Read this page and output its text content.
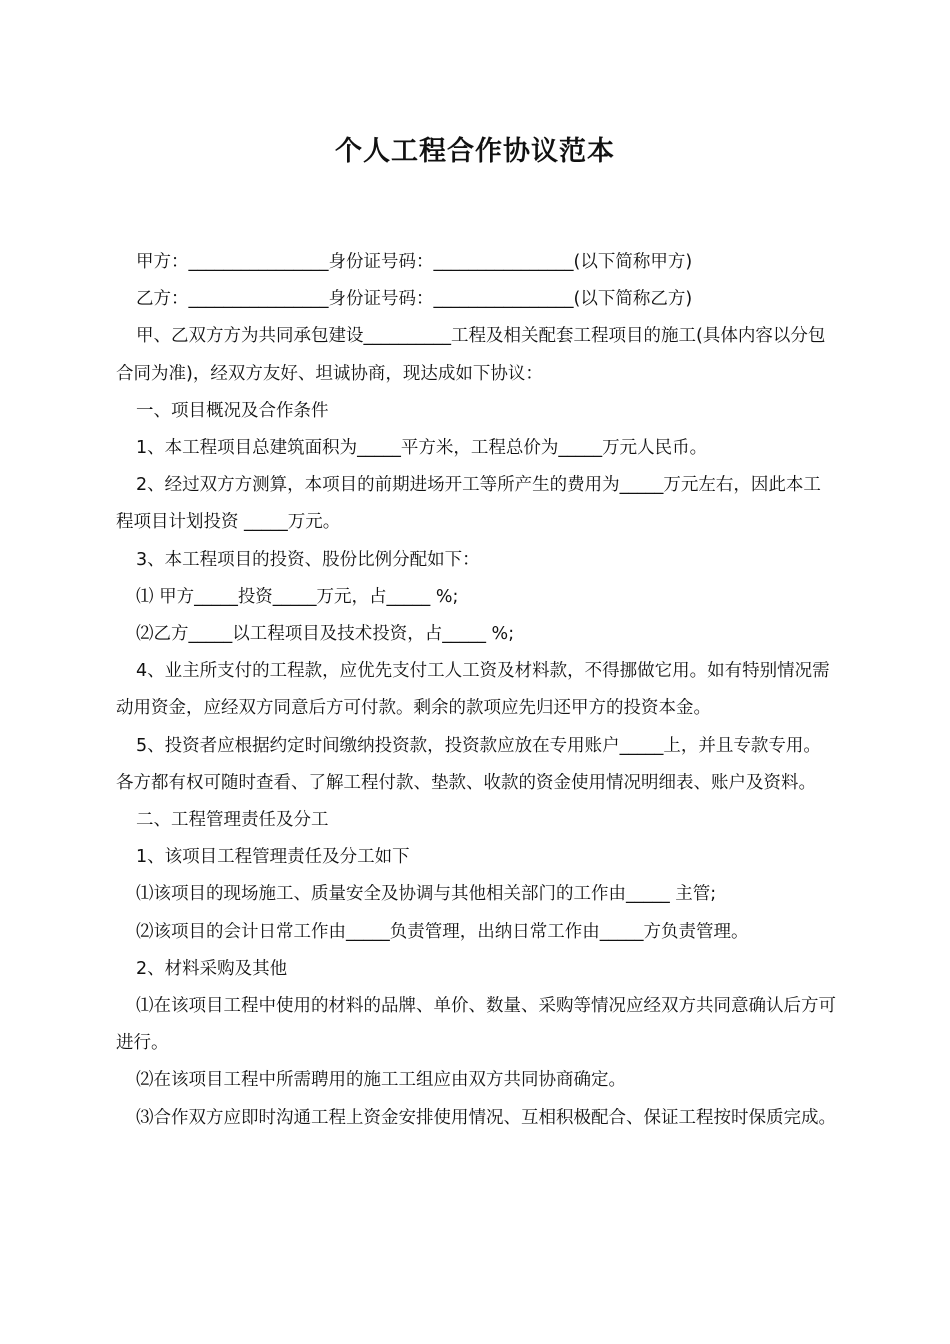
个人工程合作协议范本

甲方：________________身份证号码：________________(以下简称甲方)

乙方：________________身份证号码：________________(以下简称乙方)

甲、乙双方方为共同承包建设__________工程及相关配套工程项目的施工(具体内容以分包合同为准)，经双方友好、坦诚协商，现达成如下协议：

一、项目概况及合作条件

1、本工程项目总建筑面积为_____平方米，工程总价为_____万元人民币。

2、经过双方方测算，本项目的前期进场开工等所产生的费用为_____万元左右，因此本工程项目计划投资 _____万元。

3、本工程项目的投资、股份比例分配如下：

⑴ 甲方_____投资_____万元，占_____ %;

⑵乙方_____以工程项目及技术投资，占_____ %;

4、业主所支付的工程款，应优先支付工人工资及材料款，不得挪做它用。如有特别情况需动用资金，应经双方同意后方可付款。剩余的款项应先归还甲方的投资本金。

5、投资者应根据约定时间缴纳投资款，投资款应放在专用账户_____上，并且专款专用。各方都有权可随时查看、了解工程付款、垫款、收款的资金使用情况明细表、账户及资料。

二、工程管理责任及分工

1、该项目工程管理责任及分工如下

⑴该项目的现场施工、质量安全及协调与其他相关部门的工作由_____ 主管;

⑵该项目的会计日常工作由_____负责管理，出纳日常工作由_____方负责管理。

2、材料采购及其他

⑴在该项目工程中使用的材料的品牌、单价、数量、采购等情况应经双方共同意确认后方可进行。

⑵在该项目工程中所需聘用的施工工组应由双方共同协商确定。

⑶合作双方应即时沟通工程上资金安排使用情况、互相积极配合、保证工程按时保质完成。
